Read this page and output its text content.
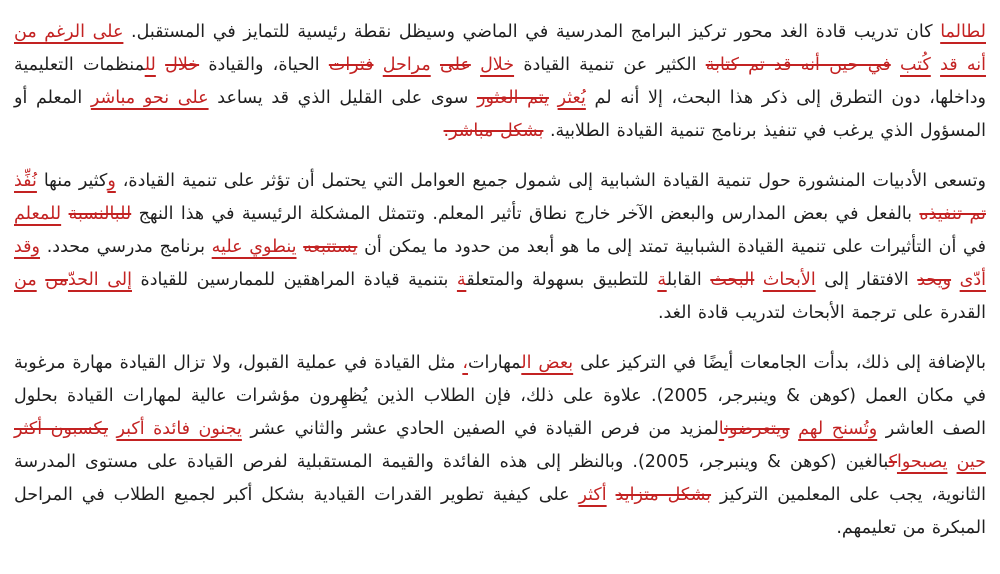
لطالما كان تدريب قادة الغد محور تركيز البرامج المدرسية في الماضي وسيظل نقطة رئيسية للتمايز في المستقبل. على الرغم من أنه قد كُتب في حين أنه قد تم كتابة الكثير عن تنمية القيادة خلال على مراحل فترات الحياة، والقيادة خلال لل‍‍منظمات التعليمية وداخلها، دون التطرق إلى ذكر هذا البحث، إلا أنه لم يُعثر يتم العثور سوى على القليل الذي قد يساعد على نحو مباشر المعلم أو المسؤول الذي يرغب في تنفيذ برنامج تنمية القيادة الطلابية. بشكل مباشر.

وتسعى الأدبيات المنشورة حول تنمية القيادة الشبابية إلى شمول جميع العوامل التي يحتمل أن تؤثر على تنمية القيادة، وكثير منها نُفِّذ تم تنفيذه بالفعل في بعض المدارس والبعض الآخر خارج نطاق تأثير المعلم. وتتمثل المشكلة الرئيسية في هذا النهج للبالنسبة للمعلم في أن التأثيرات على تنمية القيادة الشبابية تمتد إلى ما هو أبعد من حدود ما يمكن أن يستتبعه ينطوي عليه برنامج مدرسي محدد. وقد أدّى ويحد الافتقار إلى الأبحاث البحث القابل‍‍ة للتطبيق بسهولة والمتعلق‍‍ة بتنمية قيادة المراهقين للممارسين للقيادة إلى الحدّمن من القدرة على ترجمة الأبحاث لتدريب قادة الغد.

بالإضافة إلى ذلك، بدأت الجامعات أيضًا في التركيز على بعض ال‍‍مهارات، مثل القيادة في عملية القبول، ولا تزال القيادة مهارة مرغوبة في مكان العمل (كوهن & وينبرجر، 2005). علاوة على ذلك، فإن الطلاب الذين يُظهِرون مؤشرات عالية لمهارات القيادة بحلول الصف العاشر وتُسنح لهم ويتعرضونالمزيد من فرص القيادة في الصفين الحادي عشر والثاني عشر يجنون فائدة أكبر يكسبون أكثر حين يصبحواك‍‍بالغين (كوهن & وينبرجر، 2005). وبالنظر إلى هذه الفائدة والقيمة المستقبلية لفرص القيادة على مستوى المدرسة الثانوية، يجب على المعلمين التركيز بشكل متزايد أكثر على كيفية تطوير القدرات القيادية بشكل أكبر لجميع الطلاب في المراحل المبكرة من تعليمهم.
